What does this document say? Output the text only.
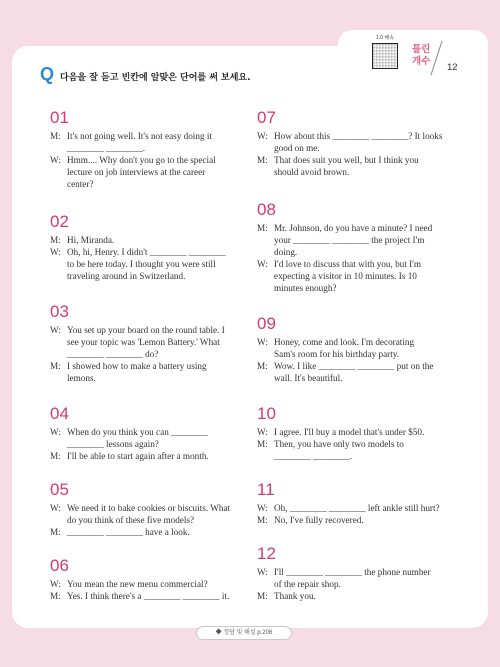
1.0 배속
틀린
개수
12
Q 다음을 잘 듣고 빈칸에 알맞은 단어를 써 보세요.
01
M: It's not going well. It's not easy doing it
________ ________.
W: Hmm.... Why don't you go to the special
lecture on job interviews at the career
center?
02
M: Hi, Miranda.
W: Oh, hi, Henry. I didn't ________ ________
to be here today. I thought you were still
traveling around in Switzerland.
03
W: You set up your board on the round table. I
see your topic was 'Lemon Battery.' What
________ ________ do?
M: I showed how to make a battery using
lemons.
04
W: When do you think you can ________
________ lessons again?
M: I'll be able to start again after a month.
05
W: We need it to bake cookies or biscuits. What
do you think of these five models?
M: ________ ________ have a look.
06
W: You mean the new menu commercial?
M: Yes. I think there's a ________ ________ it.
07
W: How about this ________ ________? It looks
good on me.
M: That does suit you well, but I think you
should avoid brown.
08
M: Mr. Johnson, do you have a minute? I need
your ________ ________ the project I'm
doing.
W: I'd love to discuss that with you, but I'm
expecting a visitor in 10 minutes. Is 10
minutes enough?
09
W: Honey, come and look. I'm decorating
Sam's room for his birthday party.
M: Wow. I like ________ ________ put on the
wall. It's beautiful.
10
W: I agree. I'll buy a model that's under $50.
M: Then, you have only two models to
________ ________.
11
W: Oh, ________ ________ left ankle still hurt?
M: No, I've fully recovered.
12
W: I'll ________ ________ the phone number
of the repair shop.
M: Thank you.
◆ 정답 및 해설 p.206
